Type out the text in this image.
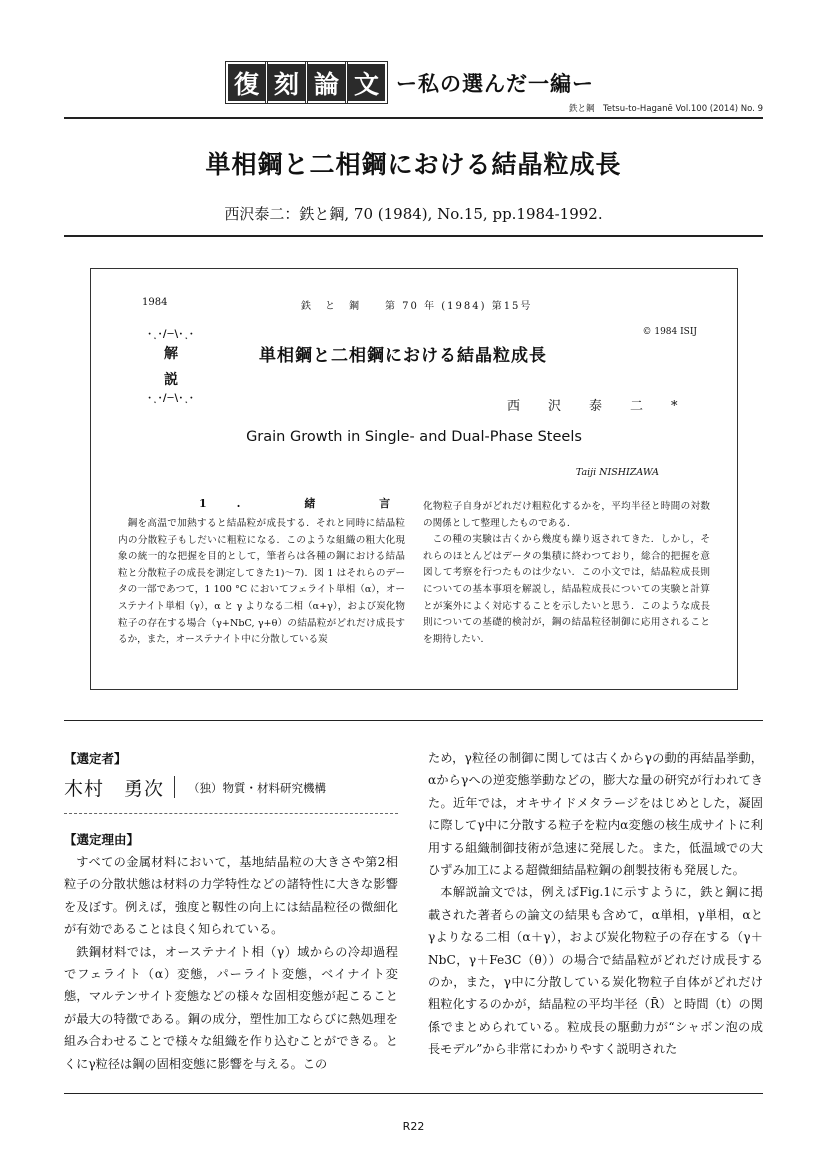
復 刻 論 文 ー私の選んだ一編ー
鉄と鋼　Tetsu-to-Haganē Vol.100 (2014) No. 9
単相鋼と二相鋼における結晶粒成長
西沢泰二：鉄と鋼, 70 (1984), No.15, pp.1984-1992.
1984	鉄　と　鋼　　第 70 年 (1984) 第15号
© 1984 ISIJ
·ͺ·/─\·ͺ·
解説
·ͺ·/─\·ͺ·
単相鋼と二相鋼における結晶粒成長
西沢泰二*
Grain Growth in Single- and Dual-Phase Steels
Taiji NISHIZAWA
1. 緒 言

鋼を高温で加熱すると結晶粒が成長する．それと同時に結晶粒内の分散粒子もしだいに粗粒になる．このような組織の粗大化現象の統一的な把握を目的として，筆者らは各種の鋼における結晶粒と分散粒子の成長を測定してきた1)～7)．図 1 はそれらのデータの一部であつて，1 100 °C においてフェライト単相（α），オーステナイト単相（γ），α と γ よりなる二相（α+γ），および炭化物粒子の存在する場合（γ+NbC, γ+θ）の結晶粒がどれだけ成長するか，また，オーステナイト中に分散している炭

化物粒子自身がどれだけ粗粒化するかを，平均半径と時間の対数の関係として整理したものである．

この種の実験は古くから幾度も繰り返されてきた．しかし，それらのほとんどはデータの集積に終わつており，総合的把握を意図して考察を行つたものは少ない．この小文では，結晶粒成長則についての基本事項を解説し，結晶粒成長についての実験と計算とが案外によく対応することを示したいと思う．このような成長則についての基礎的検討が，鋼の結晶粒径制御に応用されることを期待したい．

【選定者】
木村　勇次 （独）物質・材料研究機構
【選定理由】

すべての金属材料において，基地結晶粒の大きさや第2相粒子の分散状態は材料の力学特性などの諸特性に大きな影響を及ぼす。例えば，強度と靱性の向上には結晶粒径の微細化が有効であることは良く知られている。

鉄鋼材料では，オーステナイト相（γ）域からの冷却過程でフェライト（α）変態，パーライト変態，ベイナイト変態，マルテンサイト変態などの様々な固相変態が起こることが最大の特徴である。鋼の成分，塑性加工ならびに熱処理を組み合わせることで様々な組織を作り込むことができる。とくにγ粒径は鋼の固相変態に影響を与える。この

ため，γ粒径の制御に関しては古くからγの動的再結晶挙動，αからγへの逆変態挙動などの，膨大な量の研究が行われてきた。近年では，オキサイドメタラージをはじめとした，凝固に際してγ中に分散する粒子を粒内α変態の核生成サイトに利用する組織制御技術が急速に発展した。また，低温域での大ひずみ加工による超微細結晶粒鋼の創製技術も発展した。

本解説論文では，例えばFig.1に示すように，鉄と鋼に掲載された著者らの論文の結果も含めて，α単相，γ単相，αとγよりなる二相（α＋γ），および炭化物粒子の存在する（γ＋NbC，γ＋Fe3C（θ））の場合で結晶粒がどれだけ成長するのか，また，γ中に分散している炭化物粒子自体がどれだけ粗粒化するのかが，結晶粒の平均半径（R̄）と時間（t）の関係でまとめられている。粒成長の駆動力が“シャボン泡の成長モデル”から非常にわかりやすく説明された

R22
